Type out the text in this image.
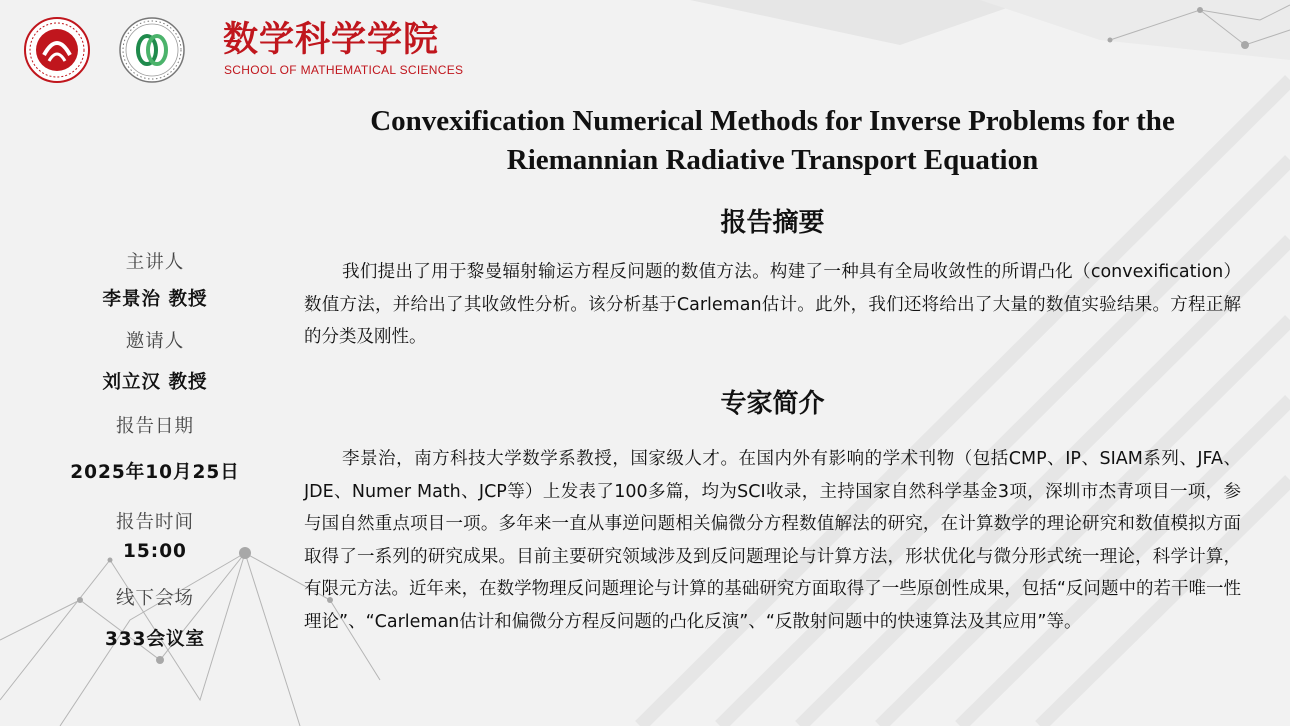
数学科学学院
SCHOOL OF MATHEMATICAL SCIENCES
Convexification Numerical Methods for Inverse Problems for the
Riemannian Radiative Transport Equation
主讲人
李景治 教授
邀请人
刘立汉 教授
报告日期
2025年10月25日
报告时间
15:00
线下会场
333会议室
报告摘要
我们提出了用于黎曼辐射输运方程反问题的数值方法。构建了一种具有全局收敛性的所谓凸化（convexification）数值方法，并给出了其收敛性分析。该分析基于Carleman估计。此外，我们还将给出了大量的数值实验结果。方程正解的分类及刚性。
专家简介
李景治，南方科技大学数学系教授，国家级人才。在国内外有影响的学术刊物（包括CMP、IP、SIAM系列、JFA、JDE、Numer Math、JCP等）上发表了100多篇，均为SCI收录，主持国家自然科学基金3项，深圳市杰青项目一项，参与国自然重点项目一项。多年来一直从事逆问题相关偏微分方程数值解法的研究，在计算数学的理论研究和数值模拟方面取得了一系列的研究成果。目前主要研究领域涉及到反问题理论与计算方法，形状优化与微分形式统一理论，科学计算，有限元方法。近年来，在数学物理反问题理论与计算的基础研究方面取得了一些原创性成果，包括“反问题中的若干唯一性理论”、“Carleman估计和偏微分方程反问题的凸化反演”、“反散射问题中的快速算法及其应用”等。
